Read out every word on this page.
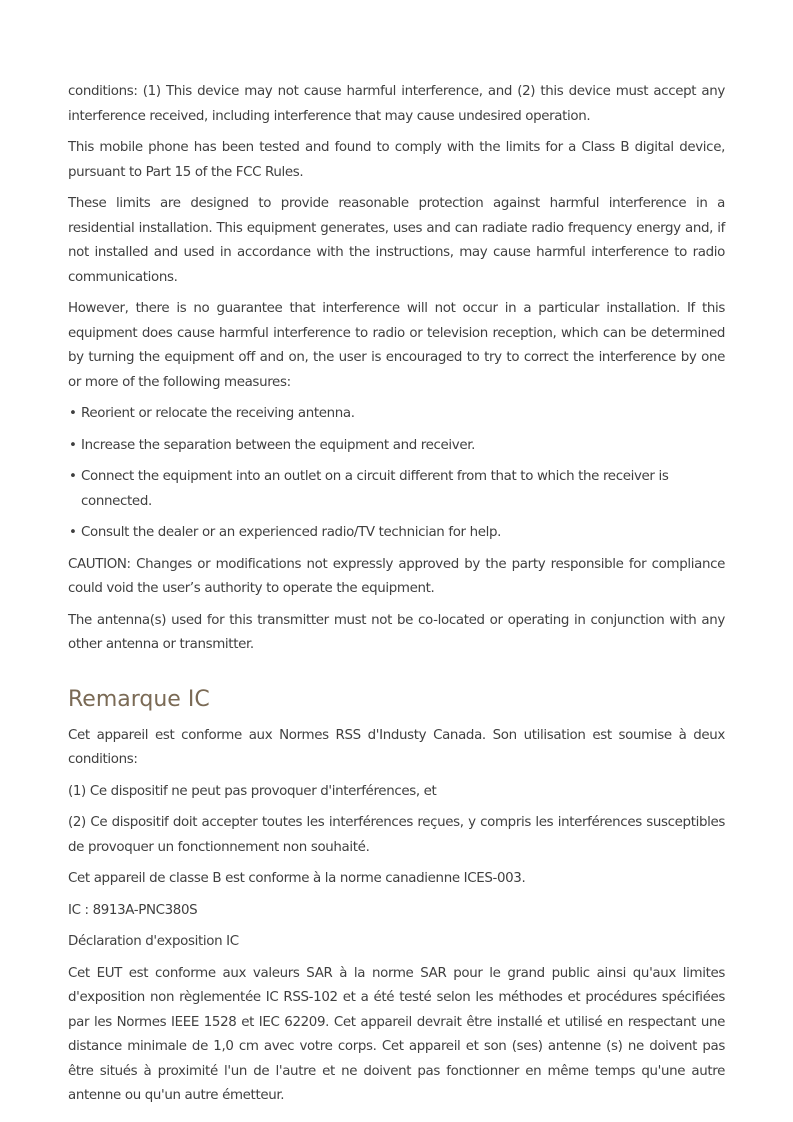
conditions: (1) This device may not cause harmful interference, and (2) this device must accept any interference received, including interference that may cause undesired operation.

This mobile phone has been tested and found to comply with the limits for a Class B digital device, pursuant to Part 15 of the FCC Rules.

These limits are designed to provide reasonable protection against harmful interference in a residential installation. This equipment generates, uses and can radiate radio frequency energy and, if not installed and used in accordance with the instructions, may cause harmful interference to radio communications.

However, there is no guarantee that interference will not occur in a particular installation. If this equipment does cause harmful interference to radio or television reception, which can be determined by turning the equipment off and on, the user is encouraged to try to correct the interference by one or more of the following measures:

• Reorient or relocate the receiving antenna.
• Increase the separation between the equipment and receiver.
• Connect the equipment into an outlet on a circuit different from that to which the receiver is connected.
• Consult the dealer or an experienced radio/TV technician for help.

CAUTION: Changes or modifications not expressly approved by the party responsible for compliance could void the user’s authority to operate the equipment.

The antenna(s) used for this transmitter must not be co-located or operating in conjunction with any other antenna or transmitter.

Remarque IC

Cet appareil est conforme aux Normes RSS d'Industy Canada. Son utilisation est soumise à deux conditions:

(1) Ce dispositif ne peut pas provoquer d'interférences, et

(2) Ce dispositif doit accepter toutes les interférences reçues, y compris les interférences susceptibles de provoquer un fonctionnement non souhaité.

Cet appareil de classe B est conforme à la norme canadienne ICES-003.

IC : 8913A-PNC380S

Déclaration d'exposition IC

Cet EUT est conforme aux valeurs SAR à la norme SAR pour le grand public ainsi qu'aux limites d'exposition non règlementée IC RSS-102 et a été testé selon les méthodes et procédures spécifiées par les Normes IEEE 1528 et IEC 62209. Cet appareil devrait être installé et utilisé en respectant une distance minimale de 1,0 cm avec votre corps. Cet appareil et son (ses) antenne (s) ne doivent pas être situés à proximité l'un de l'autre et ne doivent pas fonctionner en même temps qu'une autre antenne ou qu'un autre émetteur.
